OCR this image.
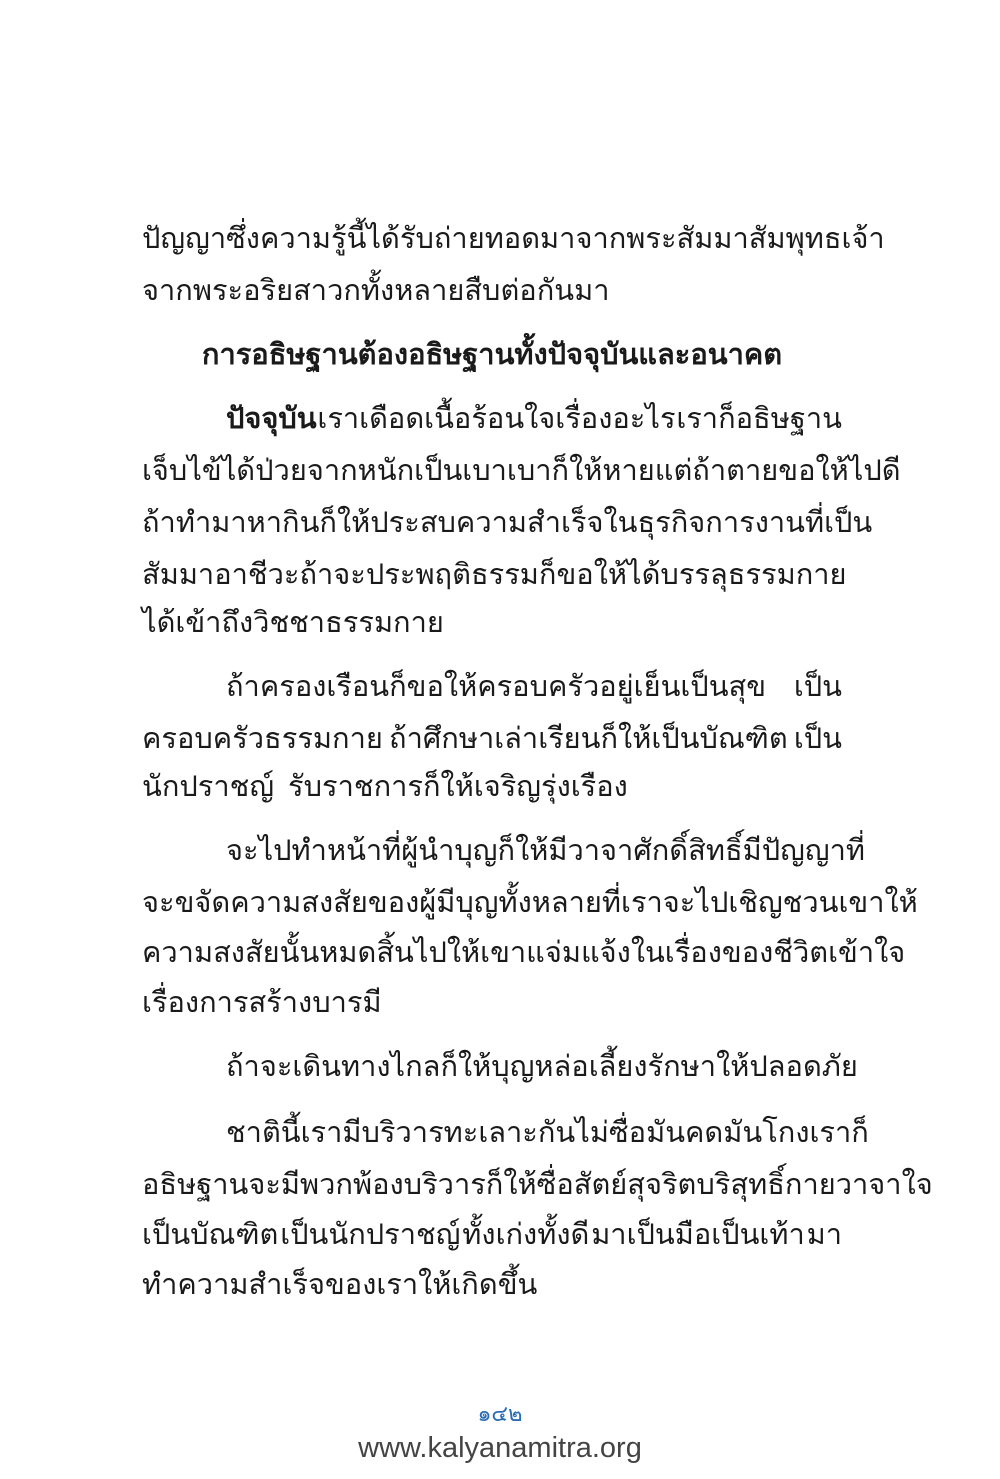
ปัญญา ซึ่งความรู้นี้ได้รับถ่ายทอดมาจากพระสัมมาสัมพุทธเจ้า
จากพระอริยสาวกทั้งหลายสืบต่อกันมา
การอธิษฐานต้องอธิษฐานทั้งปัจจุบันและอนาคต
ปัจจุบัน เราเดือดเนื้อร้อนใจเรื่องอะไร เราก็อธิษฐาน
เจ็บไข้ได้ป่วยจากหนักเป็นเบา เบาก็ให้หาย แต่ถ้าตายขอให้ไปดี
ถ้าทำมาหากินก็ให้ประสบความสำเร็จในธุรกิจการงานที่เป็น
สัมมาอาชีวะ ถ้าจะประพฤติธรรมก็ขอให้ได้บรรลุธรรมกาย
ได้เข้าถึงวิชชาธรรมกาย
ถ้าครองเรือนก็ขอให้ครอบครัวอยู่เย็นเป็นสุข เป็น
ครอบครัวธรรมกาย ถ้าศึกษาเล่าเรียนก็ให้เป็นบัณฑิต เป็น
นักปราชญ์ รับราชการก็ให้เจริญรุ่งเรือง
จะไปทำหน้าที่ผู้นำบุญ ก็ให้มีวาจาศักดิ์สิทธิ์ มีปัญญาที่
จะขจัดความสงสัยของผู้มีบุญทั้งหลายที่เราจะไปเชิญชวนเขา ให้
ความสงสัยนั้นหมดสิ้นไป ให้เขาแจ่มแจ้งในเรื่องของชีวิต เข้าใจ
เรื่องการสร้างบารมี
ถ้าจะเดินทางไกลก็ให้บุญหล่อเลี้ยงรักษาให้ปลอดภัย
ชาตินี้เรามีบริวารทะเลาะกัน ไม่ซื่อ มันคด มันโกง เราก็
อธิษฐาน จะมีพวกพ้องบริวารก็ให้ซื่อสัตย์ สุจริต บริสุทธิ์กายวาจาใจ
เป็นบัณฑิต เป็นนักปราชญ์ ทั้งเก่งทั้งดี มาเป็นมือเป็นเท้า มา
ทำความสำเร็จของเราให้เกิดขึ้น
๑๔๒
www.kalyanamitra.org
